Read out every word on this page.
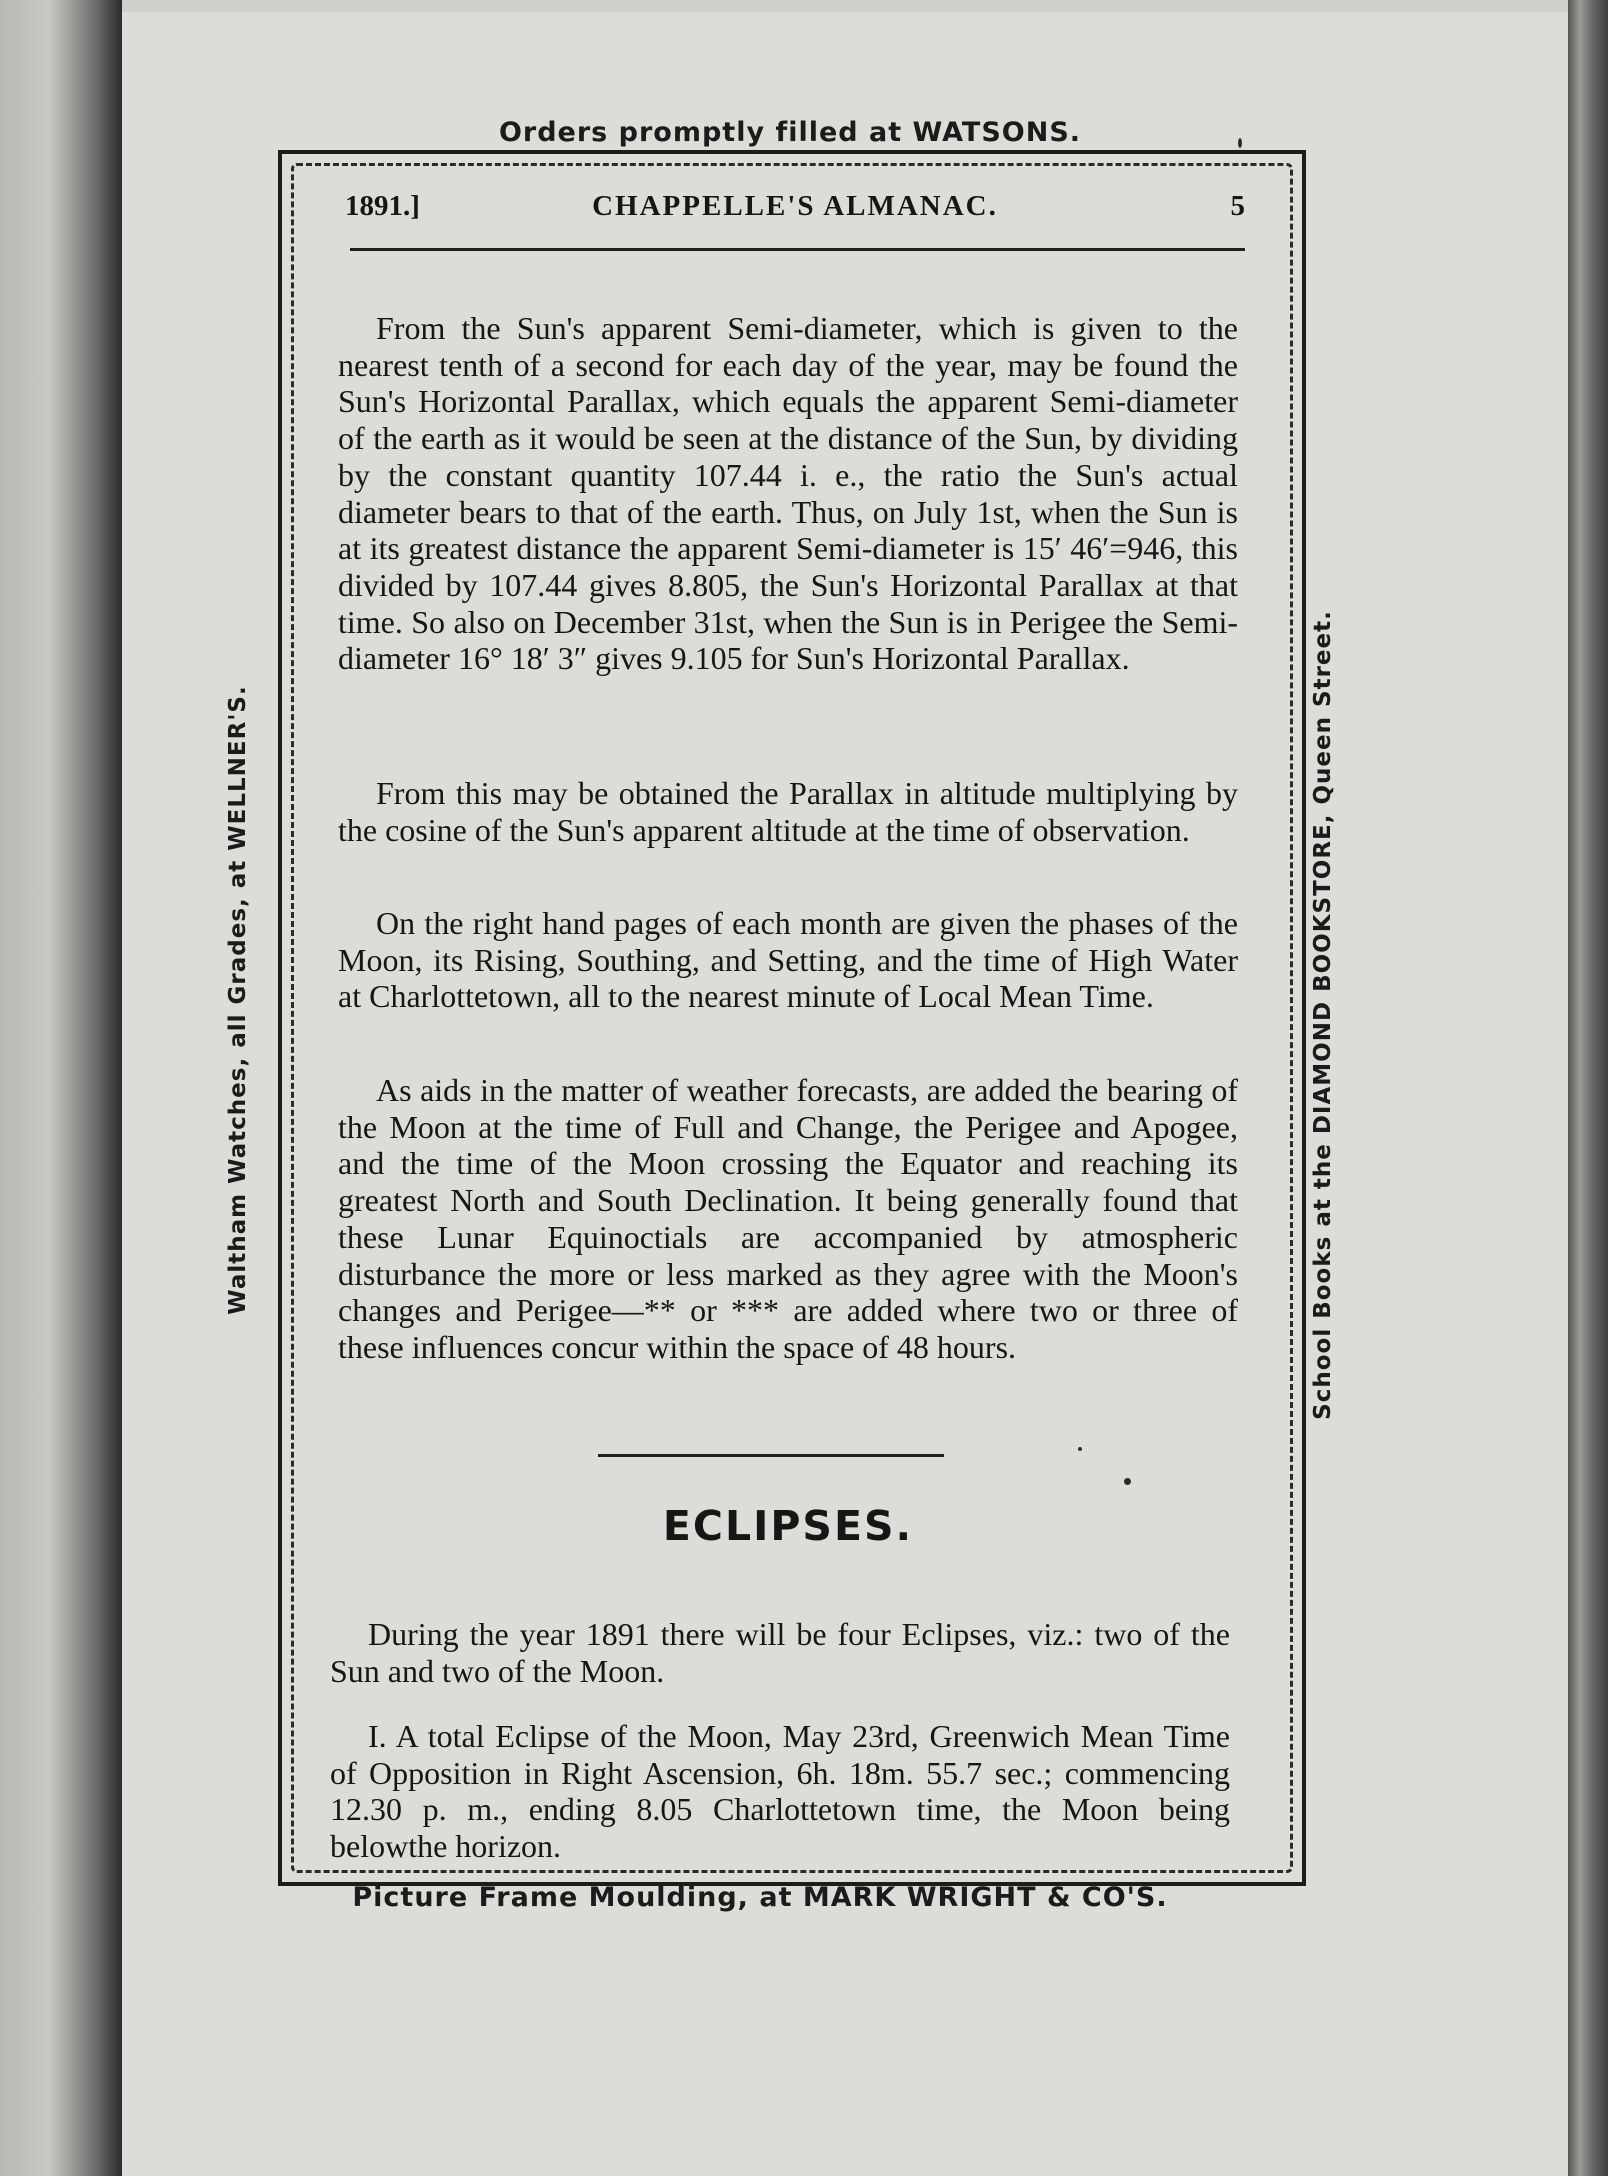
Orders promptly filled at WATSONS.
Waltham Watches, all Grades, at WELLNER'S.	School Books at the DIAMOND BOOKSTORE, Queen Street.
Picture Frame Moulding, at MARK WRIGHT & CO'S.
CHAPPELLE'S ALMANAC.
1891.]	5

From the Sun's apparent Semi-diameter, which is given to the nearest tenth of a second for each day of the year, may be found the Sun's Horizontal Parallax, which equals the apparent Semi-diameter of the earth as it would be seen at the distance of the Sun, by dividing by the constant quantity 107.44 i. e., the ratio the Sun's actual diameter bears to that of the earth. Thus, on July 1st, when the Sun is at its greatest distance the apparent Semi-diameter is 15′ 46′=946, this divided by 107.44 gives 8.805, the Sun's Horizontal Parallax at that time. So also on December 31st, when the Sun is in Perigee the Semi-diameter 16° 18′ 3″ gives 9.105 for Sun's Horizontal Parallax.

From this may be obtained the Parallax in altitude multiplying by the cosine of the Sun's apparent altitude at the time of observation.

On the right hand pages of each month are given the phases of the Moon, its Rising, Southing, and Setting, and the time of High Water at Charlottetown, all to the nearest minute of Local Mean Time.

As aids in the matter of weather forecasts, are added the bearing of the Moon at the time of Full and Change, the Perigee and Apogee, and the time of the Moon crossing the Equator and reaching its greatest North and South Declination. It being generally found that these Lunar Equinoctials are accompanied by atmospheric disturbance the more or less marked as they agree with the Moon's changes and Perigee—** or *** are added where two or three of these influences concur within the space of 48 hours.

ECLIPSES.

During the year 1891 there will be four Eclipses, viz.: two of the Sun and two of the Moon.

I. A total Eclipse of the Moon, May 23rd, Greenwich Mean Time of Opposition in Right Ascension, 6h. 18m. 55.7 sec.; commencing 12.30 p. m., ending 8.05 Charlottetown time, the Moon being belowthe horizon.
